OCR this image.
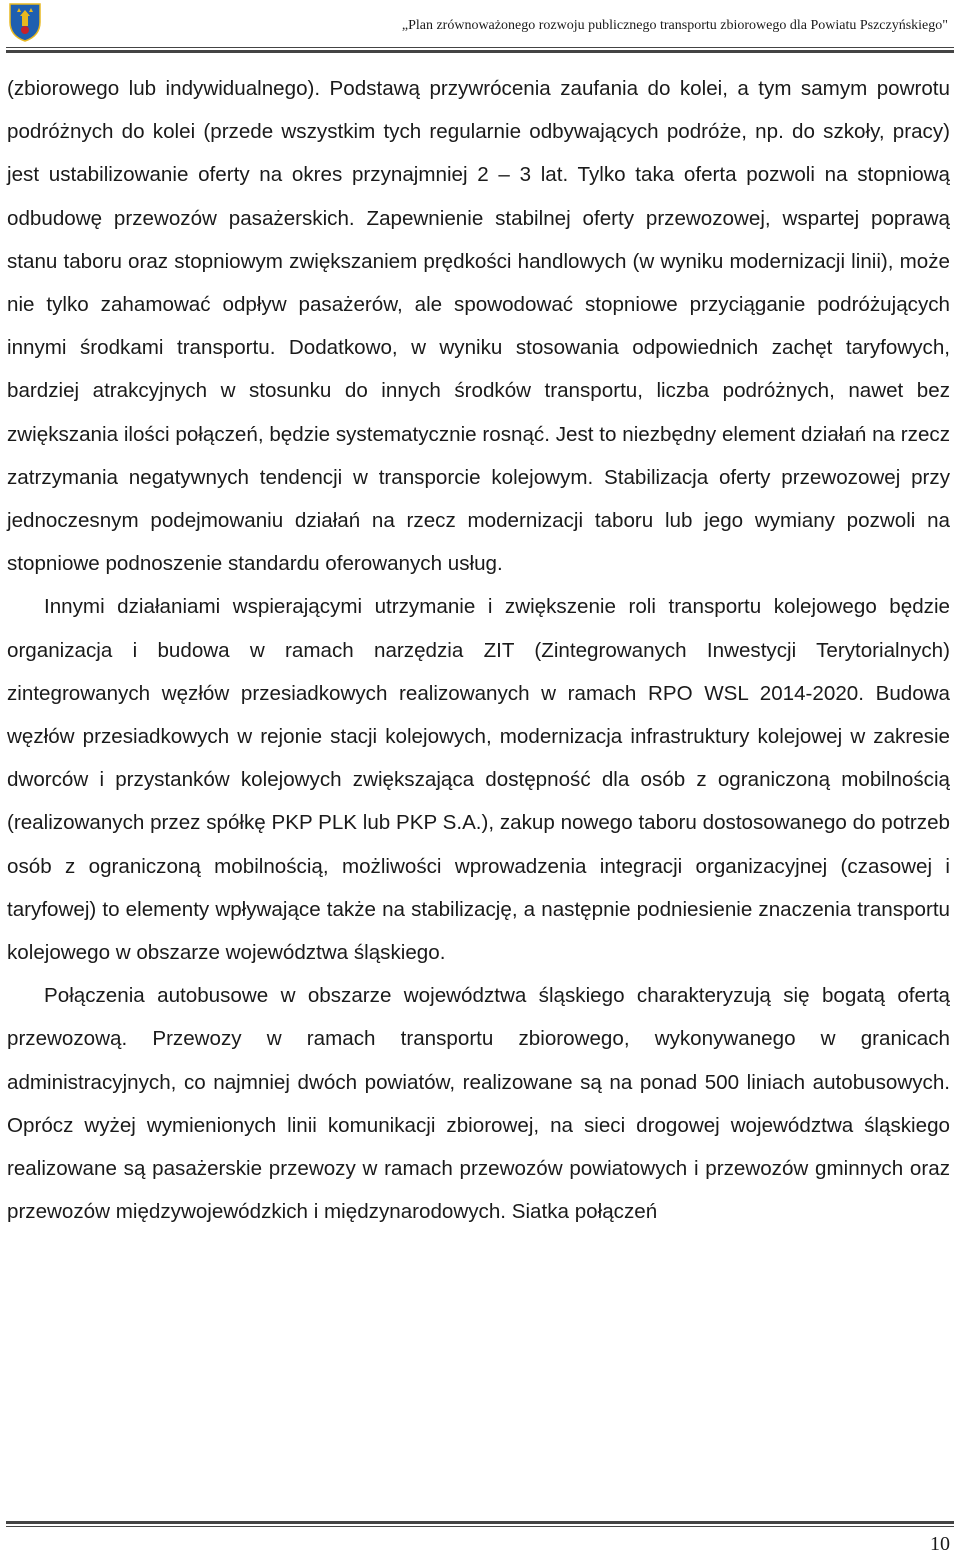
„Plan zrównoważonego rozwoju publicznego transportu zbiorowego dla Powiatu Pszczyńskiego"

(zbiorowego lub indywidualnego). Podstawą przywrócenia zaufania do kolei, a tym samym powrotu podróżnych do kolei (przede wszystkim tych regularnie odbywających podróże, np. do szkoły, pracy) jest ustabilizowanie oferty na okres przynajmniej 2 – 3 lat. Tylko taka oferta pozwoli na stopniową odbudowę przewozów pasażerskich. Zapewnienie stabilnej oferty przewozowej, wspartej poprawą stanu taboru oraz stopniowym zwiększaniem prędkości handlowych (w wyniku modernizacji linii), może nie tylko zahamować odpływ pasażerów, ale spowodować stopniowe przyciąganie podróżujących innymi środkami transportu. Dodatkowo, w wyniku stosowania odpowiednich zachęt taryfowych, bardziej atrakcyjnych w stosunku do innych środków transportu, liczba podróżnych, nawet bez zwiększania ilości połączeń, będzie systematycznie rosnąć. Jest to niezbędny element działań na rzecz zatrzymania negatywnych tendencji w transporcie kolejowym. Stabilizacja oferty przewozowej przy jednoczesnym podejmowaniu działań na rzecz modernizacji taboru lub jego wymiany pozwoli na stopniowe podnoszenie standardu oferowanych usług.

Innymi działaniami wspierającymi utrzymanie i zwiększenie roli transportu kolejowego będzie organizacja i budowa w ramach narzędzia ZIT (Zintegrowanych Inwestycji Terytorialnych) zintegrowanych węzłów przesiadkowych realizowanych w ramach RPO WSL 2014-2020. Budowa węzłów przesiadkowych w rejonie stacji kolejowych, modernizacja infrastruktury kolejowej w zakresie dworców i przystanków kolejowych zwiększająca dostępność dla osób z ograniczoną mobilnością (realizowanych przez spółkę PKP PLK lub PKP S.A.), zakup nowego taboru dostosowanego do potrzeb osób z ograniczoną mobilnością, możliwości wprowadzenia integracji organizacyjnej (czasowej i taryfowej) to elementy wpływające także na stabilizację, a następnie podniesienie znaczenia transportu kolejowego w obszarze województwa śląskiego.

Połączenia autobusowe w obszarze województwa śląskiego charakteryzują się bogatą ofertą przewozową. Przewozy w ramach transportu zbiorowego, wykonywanego w granicach administracyjnych, co najmniej dwóch powiatów, realizowane są na ponad 500 liniach autobusowych. Oprócz wyżej wymienionych linii komunikacji zbiorowej, na sieci drogowej województwa śląskiego realizowane są pasażerskie przewozy w ramach przewozów powiatowych i przewozów gminnych oraz przewozów międzywojewódzkich i międzynarodowych. Siatka połączeń

10
